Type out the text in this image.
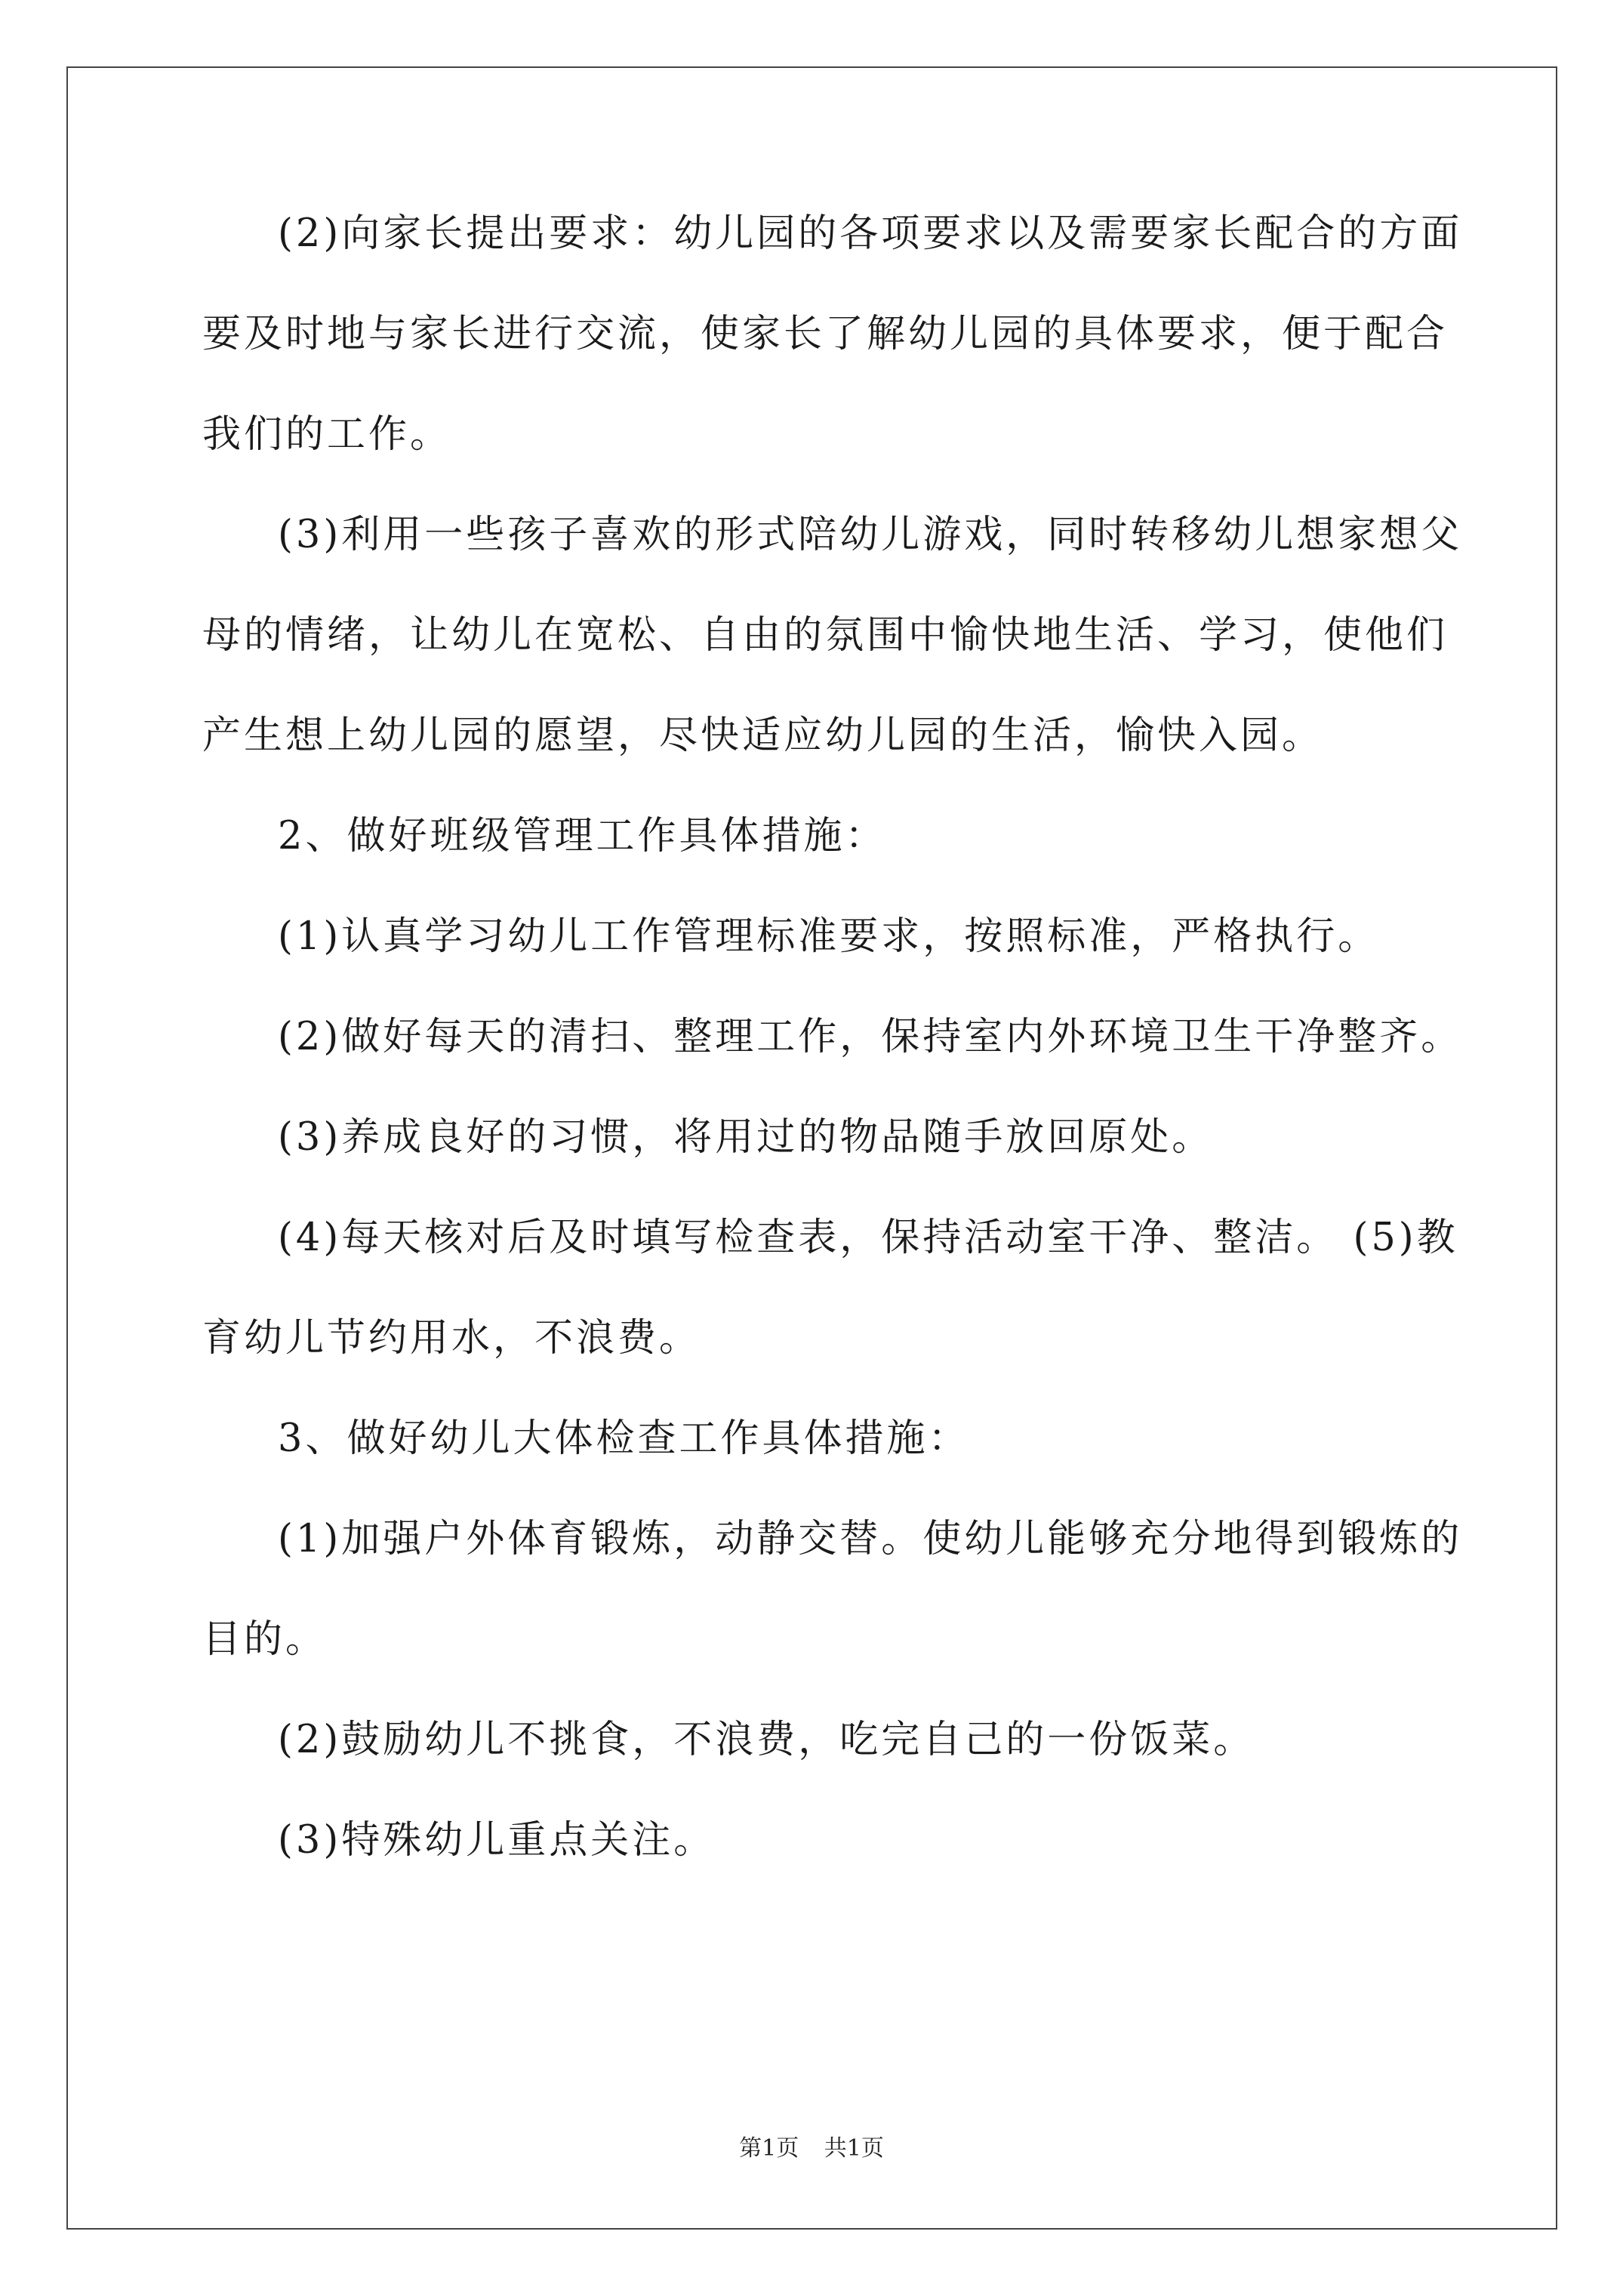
(2)向家长提出要求：幼儿园的各项要求以及需要家长配合的方面
要及时地与家长进行交流，使家长了解幼儿园的具体要求，便于配合
我们的工作。
(3)利用一些孩子喜欢的形式陪幼儿游戏，同时转移幼儿想家想父
母的情绪，让幼儿在宽松、自由的氛围中愉快地生活、学习，使他们
产生想上幼儿园的愿望，尽快适应幼儿园的生活，愉快入园。
2、做好班级管理工作具体措施：
(1)认真学习幼儿工作管理标准要求，按照标准，严格执行。
(2)做好每天的清扫、整理工作，保持室内外环境卫生干净整齐。
(3)养成良好的习惯，将用过的物品随手放回原处。
(4)每天核对后及时填写检查表，保持活动室干净、整洁。 (5)教
育幼儿节约用水，不浪费。
3、做好幼儿大体检查工作具体措施：
(1)加强户外体育锻炼，动静交替。使幼儿能够充分地得到锻炼的
目的。
(2)鼓励幼儿不挑食，不浪费，吃完自己的一份饭菜。
(3)特殊幼儿重点关注。
第1页 共1页
